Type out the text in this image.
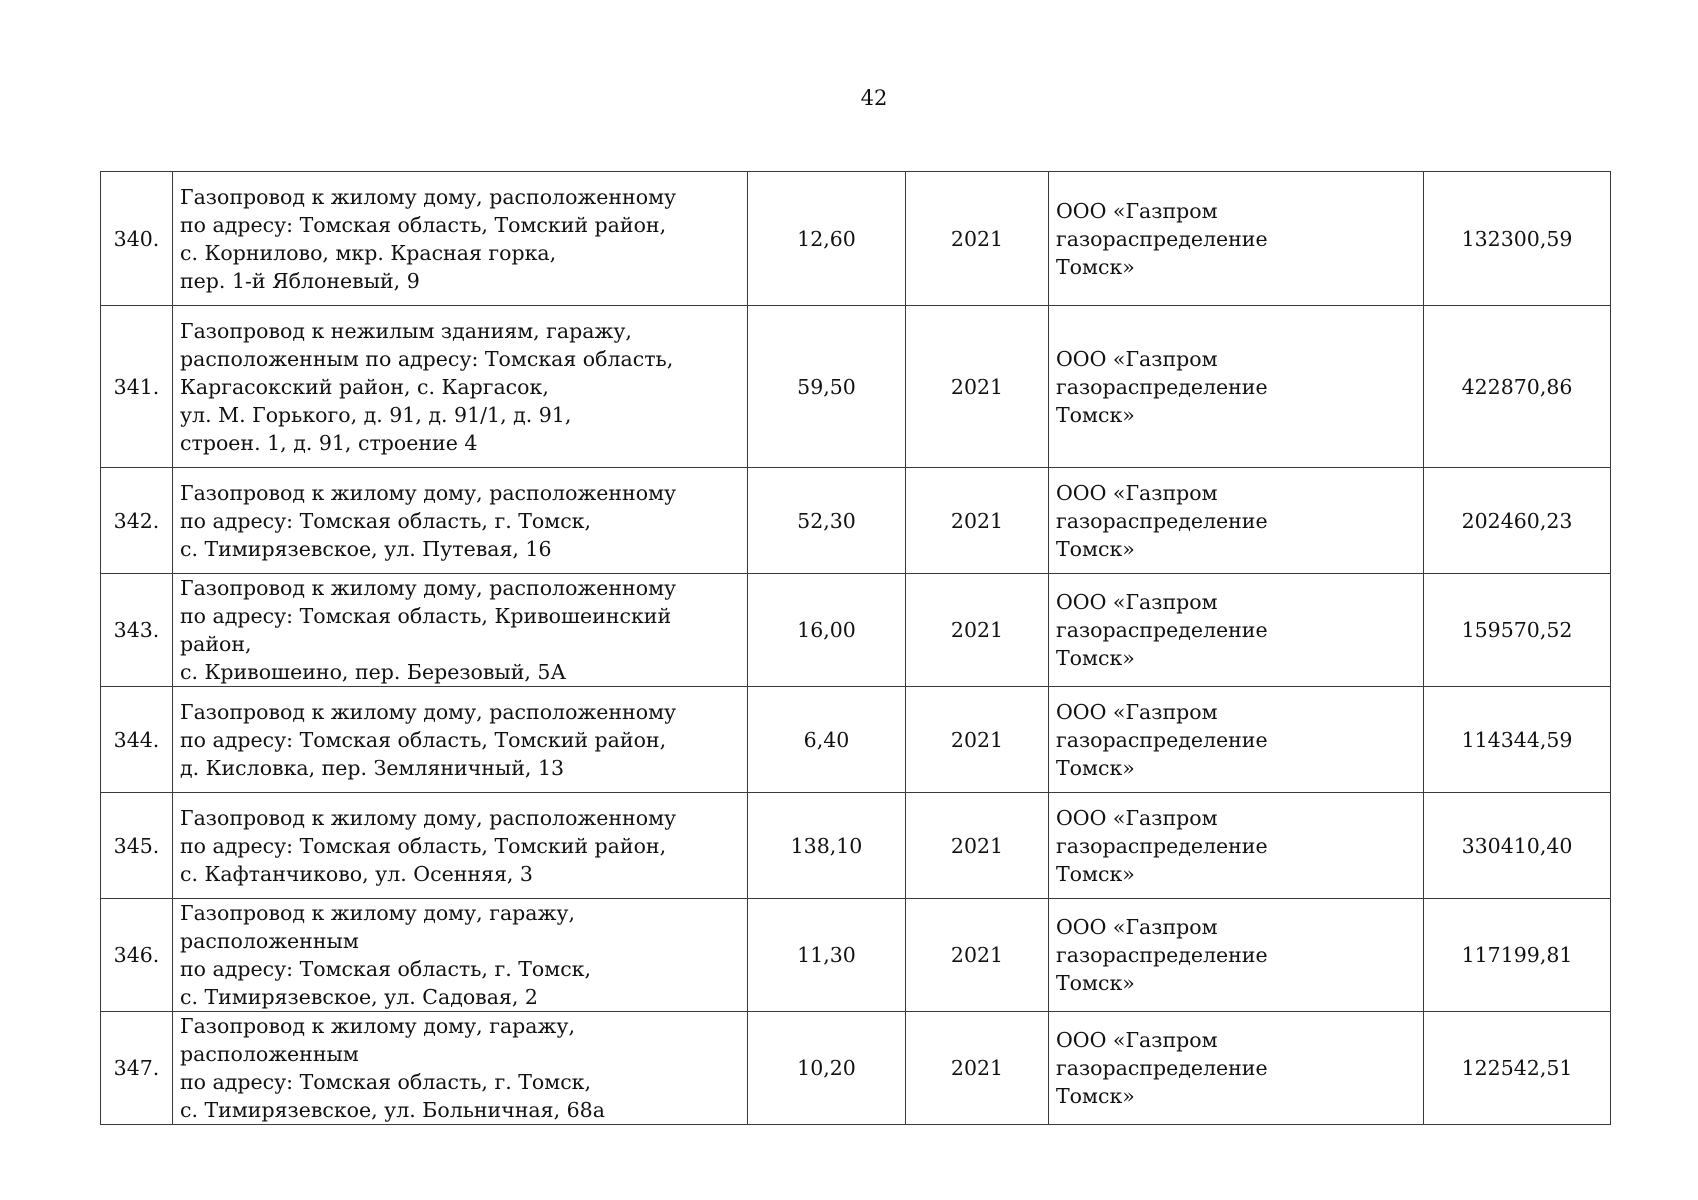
42
340.	Газопровод к жилому дому, расположенному
по адресу: Томская область, Томский район,
с. Корнилово, мкр. Красная горка,
пер. 1-й Яблоневый, 9	12,60	2021	ООО «Газпром газораспределение
Томск»	132300,59
341.	Газопровод к нежилым зданиям, гаражу,
расположенным по адресу: Томская область,
Каргасокский район, с. Каргасок,
ул. М. Горького, д. 91, д. 91/1, д. 91,
строен. 1, д. 91, строение 4	59,50	2021	ООО «Газпром газораспределение
Томск»	422870,86
342.	Газопровод к жилому дому, расположенному
по адресу: Томская область, г. Томск,
с. Тимирязевское, ул. Путевая, 16	52,30	2021	ООО «Газпром газораспределение
Томск»	202460,23
343.	Газопровод к жилому дому, расположенному
по адресу: Томская область, Кривошеинский район,
с. Кривошеино, пер. Березовый, 5А	16,00	2021	ООО «Газпром газораспределение
Томск»	159570,52
344.	Газопровод к жилому дому, расположенному
по адресу: Томская область, Томский район,
д. Кисловка, пер. Земляничный, 13	6,40	2021	ООО «Газпром газораспределение
Томск»	114344,59
345.	Газопровод к жилому дому, расположенному
по адресу: Томская область, Томский район,
с. Кафтанчиково, ул. Осенняя, 3	138,10	2021	ООО «Газпром газораспределение
Томск»	330410,40
346.	Газопровод к жилому дому, гаражу, расположенным
по адресу: Томская область, г. Томск,
с. Тимирязевское, ул. Садовая, 2	11,30	2021	ООО «Газпром газораспределение
Томск»	117199,81
347.	Газопровод к жилому дому, гаражу, расположенным
по адресу: Томская область, г. Томск,
с. Тимирязевское, ул. Больничная, 68а	10,20	2021	ООО «Газпром газораспределение
Томск»	122542,51
